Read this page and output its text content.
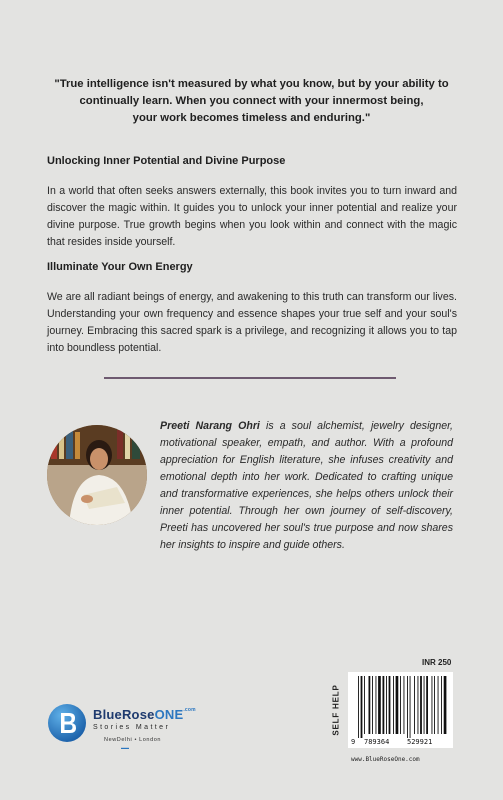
"True intelligence isn't measured by what you know, but by your ability to
continually learn. When you connect with your innermost being,
your work becomes timeless and enduring."
Unlocking Inner Potential and Divine Purpose
In a world that often seeks answers externally, this book invites you to turn inward and discover the magic within. It guides you to unlock your inner potential and realize your divine purpose. True growth begins when you look within and connect with the magic that resides inside yourself.
Illuminate Your Own Energy
We are all radiant beings of energy, and awakening to this truth can transform our lives. Understanding your own frequency and essence shapes your true self and your soul's journey. Embracing this sacred spark is a privilege, and recognizing it allows you to tap into boundless potential.
Preeti Narang Ohri is a soul alchemist, jewelry designer, motivational speaker, empath, and author. With a profound appreciation for English literature, she infuses creativity and emotional depth into her work. Dedicated to crafting unique and transformative experiences, she helps others unlock their inner potential. Through her own journey of self-discovery, Preeti has uncovered her soul's true purpose and now shares her insights to inspire and guide others.
BlueRoseONE$^{.com}$
Stories Matter
NewDelhi • London
▬▬
INR 250
SELF HELP
9 789364	529921
www.BlueRoseOne.com
